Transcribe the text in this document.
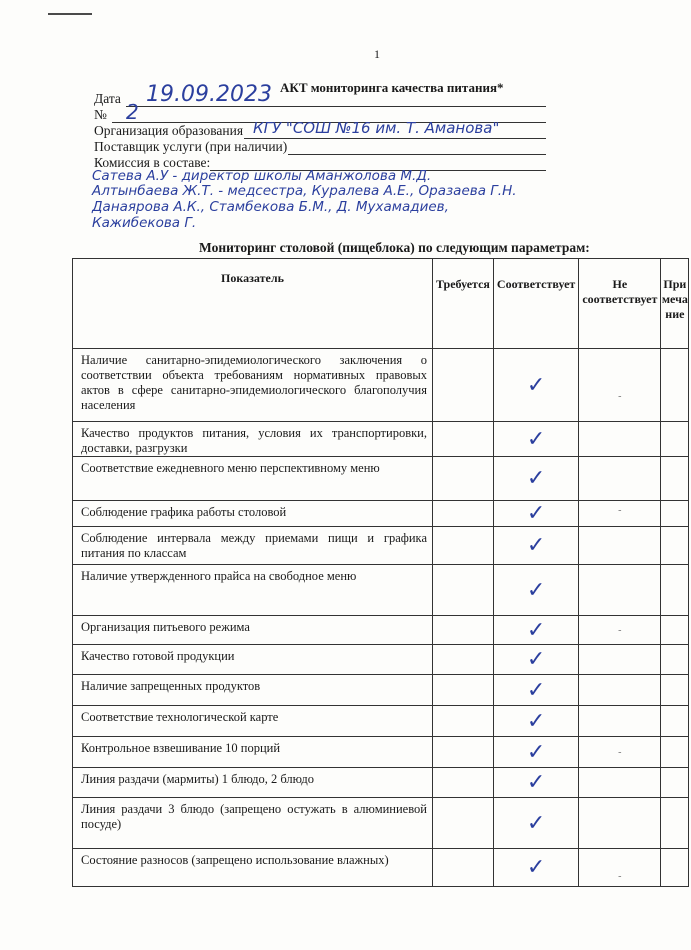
1
АКТ мониторинга качества питания*
Дата 19.09.2023
№ 2
Организация образования КГУ "СОШ №16 им. Т. Аманова"
Поставщик услуги (при наличии)
Комиссия в составе:
Сатева А.У - директор школы Аманжолова М.Д.
Алтынбаева Ж.Т. - медсестра, Куралева А.Е., Оразаева Г.Н.
Данаярова А.К., Стамбекова Б.М., Д. Мухамадиев,
Кажибекова Г.
Мониторинг столовой (пищеблока) по следующим параметрам:
Показатель	Требуется	Соответствует	Не соответствует	Примечание
Наличие санитарно-эпидемиологического заключения о соответствии объекта требованиям нормативных правовых актов в сфере санитарно-эпидемиологического благополучия населения		✓	-	

Качество продуктов питания, условия их транспортировки, доставки, разгрузки		✓		
Соответствие ежедневного меню перспективному меню		✓		
Соблюдение графика работы столовой		✓	-	

Соблюдение интервала между приемами пищи и графика питания по классам		✓		
Наличие утвержденного прайса на свободное меню		✓		
Организация питьевого режима		✓	-	

Качество готовой продукции		✓		
Наличие запрещенных продуктов		✓		
Соответствие технологической карте		✓		
Контрольное взвешивание 10 порций		✓	-	

Линия раздачи (мармиты) 1 блюдо, 2 блюдо		✓		
Линия раздачи 3 блюдо (запрещено остужать в алюминиевой посуде)		✓		
Состояние разносов (запрещено использование влажных)		✓	-	
